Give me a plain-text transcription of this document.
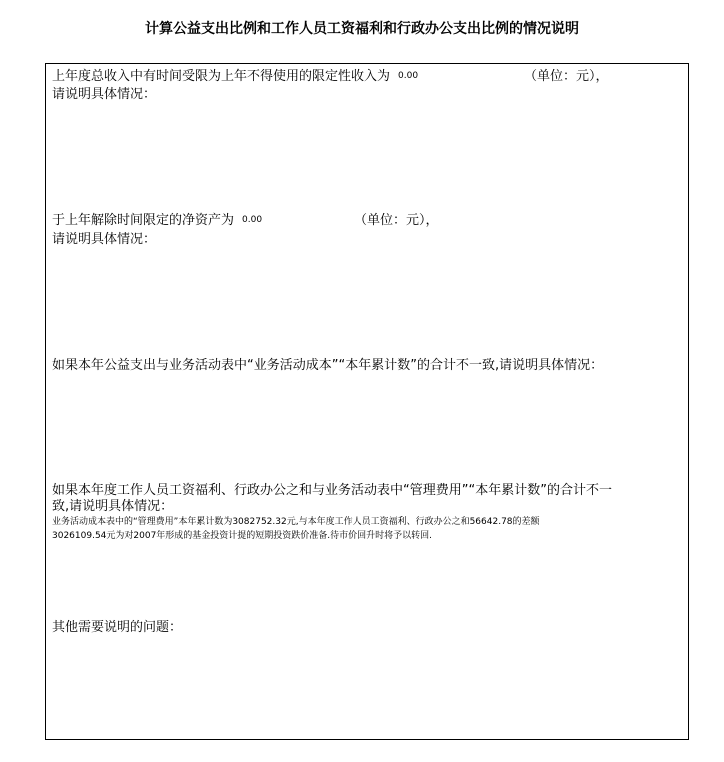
计算公益支出比例和工作人员工资福利和行政办公支出比例的情况说明
上年度总收入中有时间受限为上年不得使用的限定性收入为 0.00	（单位：元），
请说明具体情况：
于上年解除时间限定的净资产为 0.00	（单位：元），
请说明具体情况：
如果本年公益支出与业务活动表中“业务活动成本”“本年累计数”的合计不一致,请说明具体情况：
如果本年度工作人员工资福利、行政办公之和与业务活动表中“管理费用”“本年累计数”的合计不一
致,请说明具体情况：
业务活动成本表中的“管理费用”本年累计数为3082752.32元,与本年度工作人员工资福利、行政办公之和56642.78的差额
3026109.54元为对2007年形成的基金投资计提的短期投资跌价准备.待市价回升时将予以转回.
其他需要说明的问题：
